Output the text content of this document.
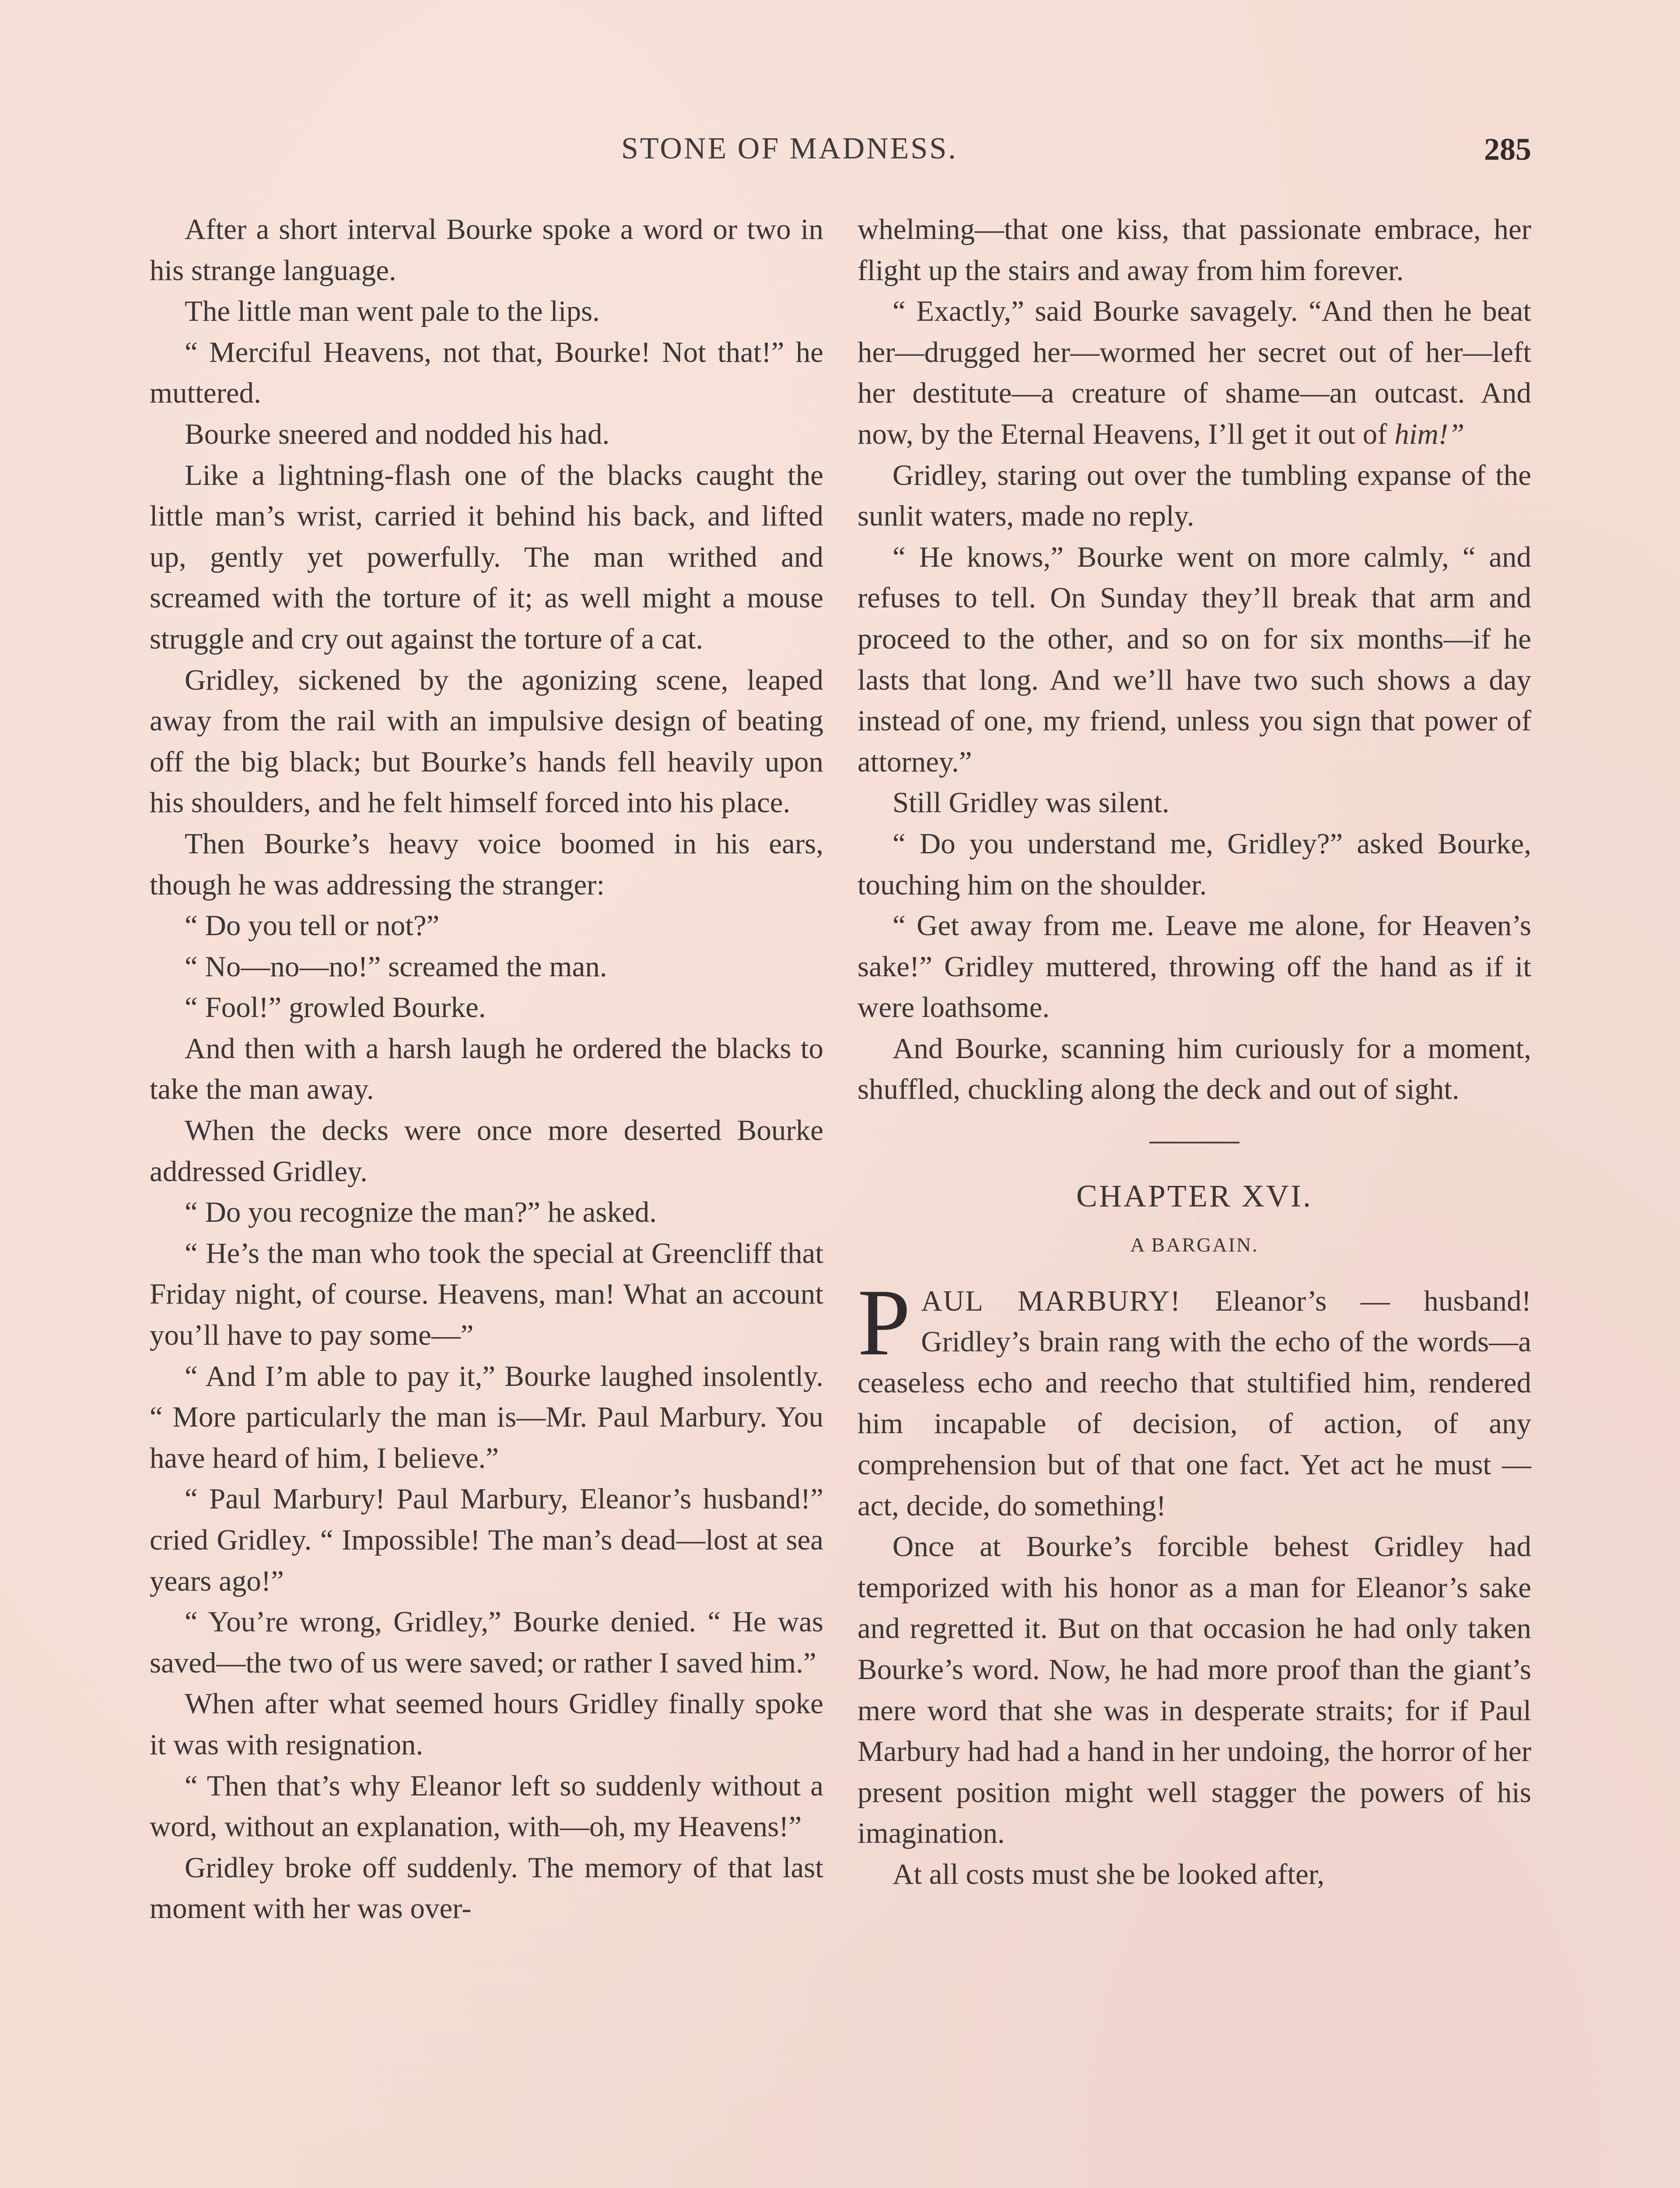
STONE OF MADNESS.	285

After a short interval Bourke spoke a word or two in his strange language.

The little man went pale to the lips.

“ Merciful Heavens, not that, Bourke! Not that!” he muttered.

Bourke sneered and nodded his had.

Like a lightning-flash one of the blacks caught the little man’s wrist, carried it behind his back, and lifted up, gently yet powerfully. The man writhed and screamed with the torture of it; as well might a mouse struggle and cry out against the torture of a cat.

Gridley, sickened by the agonizing scene, leaped away from the rail with an impulsive design of beating off the big black; but Bourke’s hands fell heavily upon his shoulders, and he felt himself forced into his place.

Then Bourke’s heavy voice boomed in his ears, though he was addressing the stranger:

“ Do you tell or not?”

“ No—no—no!” screamed the man.

“ Fool!” growled Bourke.

And then with a harsh laugh he ordered the blacks to take the man away.

When the decks were once more deserted Bourke addressed Gridley.

“ Do you recognize the man?” he asked.

“ He’s the man who took the special at Greencliff that Friday night, of course. Heavens, man! What an account you’ll have to pay some—”

“ And I’m able to pay it,” Bourke laughed insolently. “ More particularly the man is—Mr. Paul Marbury. You have heard of him, I believe.”

“ Paul Marbury! Paul Marbury, Eleanor’s husband!” cried Gridley. “ Impossible! The man’s dead—lost at sea years ago!”

“ You’re wrong, Gridley,” Bourke denied. “ He was saved—the two of us were saved; or rather I saved him.”

When after what seemed hours Gridley finally spoke it was with resignation.

“ Then that’s why Eleanor left so suddenly without a word, without an explanation, with—oh, my Heavens!”

Gridley broke off suddenly. The memory of that last moment with her was over-

whelming—that one kiss, that passionate embrace, her flight up the stairs and away from him forever.

“ Exactly,” said Bourke savagely. “And then he beat her—drugged her—wormed her secret out of her—left her destitute—a creature of shame—an outcast. And now, by the Eternal Heavens, I’ll get it out of him!”

Gridley, staring out over the tumbling expanse of the sunlit waters, made no reply.

“ He knows,” Bourke went on more calmly, “ and refuses to tell. On Sunday they’ll break that arm and proceed to the other, and so on for six months—if he lasts that long. And we’ll have two such shows a day instead of one, my friend, unless you sign that power of attorney.”

Still Gridley was silent.

“ Do you understand me, Gridley?” asked Bourke, touching him on the shoulder.

“ Get away from me. Leave me alone, for Heaven’s sake!” Gridley muttered, throwing off the hand as if it were loathsome.

And Bourke, scanning him curiously for a moment, shuffled, chuckling along the deck and out of sight.

CHAPTER XVI.
A BARGAIN.

PAUL MARBURY! Eleanor’s — husband! Gridley’s brain rang with the echo of the words—a ceaseless echo and reecho that stultified him, rendered him incapable of decision, of action, of any comprehension but of that one fact. Yet act he must —act, decide, do something!

Once at Bourke’s forcible behest Gridley had temporized with his honor as a man for Eleanor’s sake and regretted it. But on that occasion he had only taken Bourke’s word. Now, he had more proof than the giant’s mere word that she was in desperate straits; for if Paul Marbury had had a hand in her undoing, the horror of her present position might well stagger the powers of his imagination.

At all costs must she be looked after,
